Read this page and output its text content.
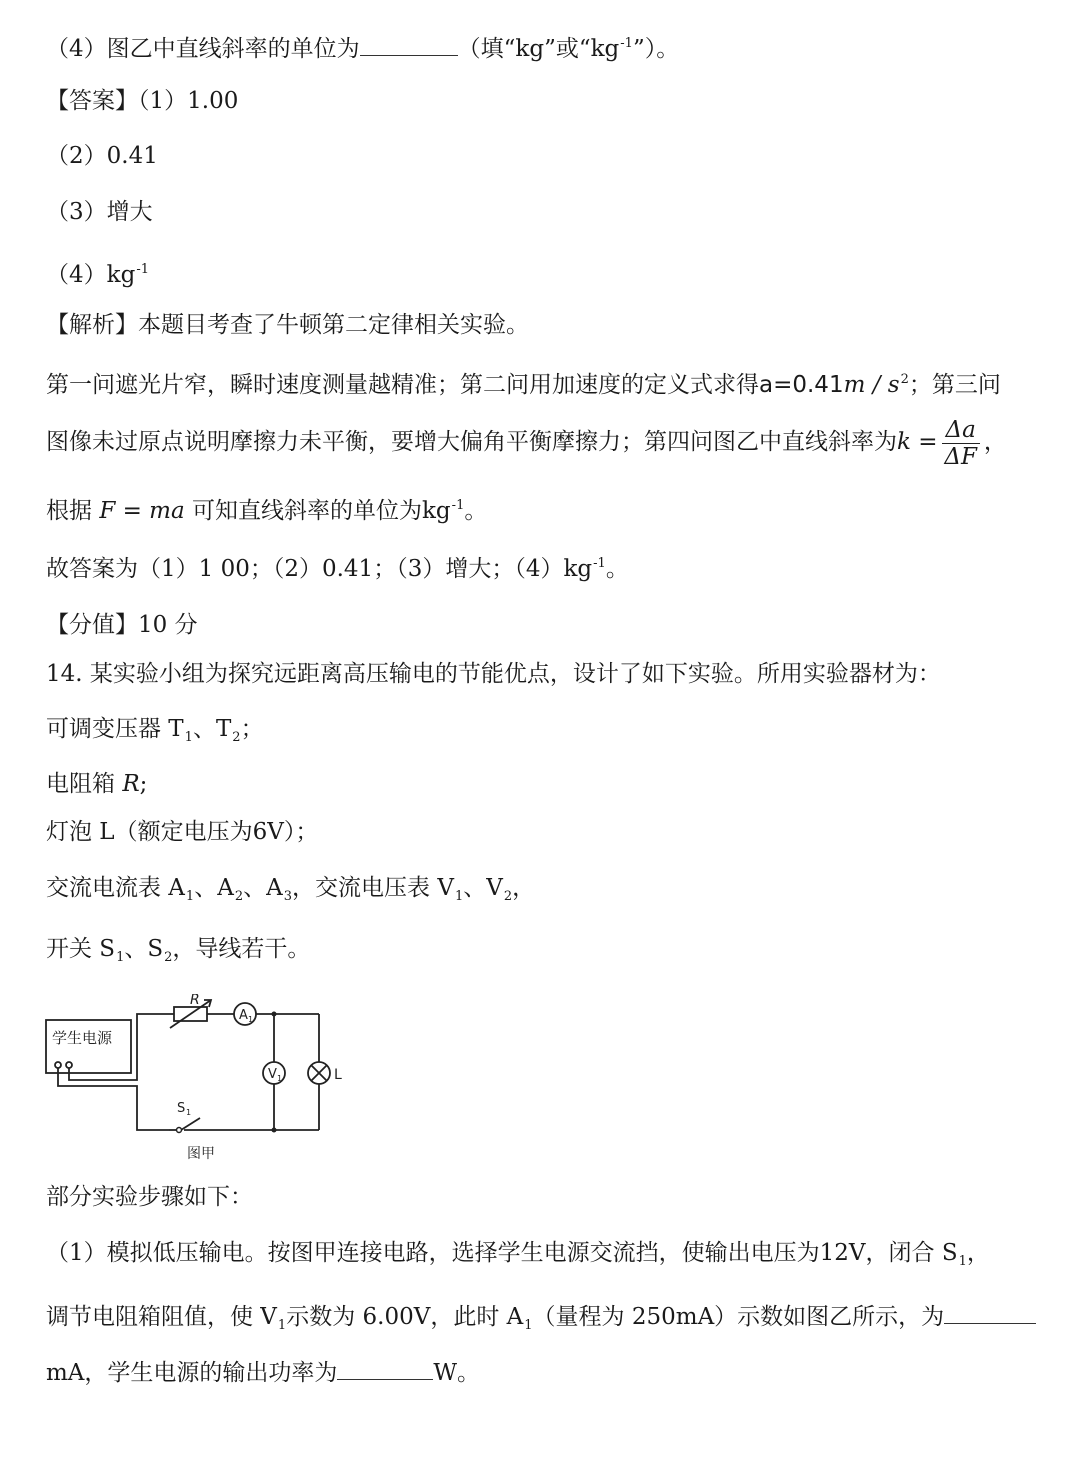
（4）图乙中直线斜率的单位为	（填“kg”或“$kg^{-1}$”）。
【答案】（1）1.00
（2）0.41
（3）增大
$(4)kg^{-1}$
【解析】本题目考查了牛顿第二定律相关实验。
第一问遮光片窄，瞬时速度测量越精准；第二问用加速度的定义式求得$a=0.41m / s^2$；第三问
图像未过原点说明摩擦力未平衡，要增大偏角平衡摩擦力；第四问图乙中直线斜率为$k = \frac{\Delta a}{\Delta F}$ ，
根据 F = ma 可知直线斜率的单位为$kg^{-1}$。
故答案为（1）1 00；（2）0.41；（3）增大；$(4)kg^{-1}$。
【分值】10 分
14. 某实验小组为探究远距离高压输电的节能优点，设计了如下实验。所用实验器材为：
可调变压器 $T_1$、$T_2$；
电阻箱 R;
灯泡 L（额定电压为6V）；
交流电流表 $A_1$、$A_2$、$A_3$，交流电压表 $V_1$、$V_2$，
开关 $S_1$、$S_2$，导线若干。
学生电源
R
A 1
V 1	L
S 1
图甲
部分实验步骤如下：
（1）模拟低压输电。按图甲连接电路，选择学生电源交流挡，使输出电压为12V，闭合 $S_1$，
调节电阻箱阻值，使 $V_1$示数为 6.00V，此时 $A_1$（量程为 250mA）示数如图乙所示，为
mA，学生电源的输出功率为	W。
